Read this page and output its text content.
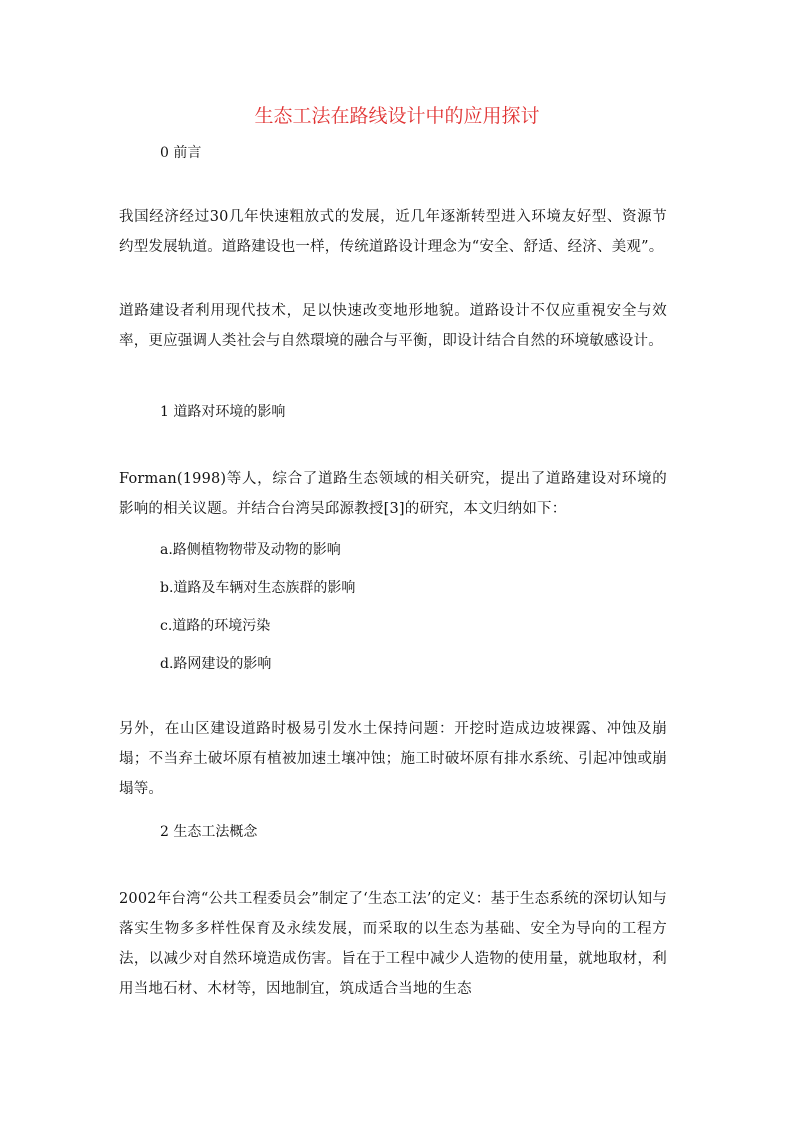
生态工法在路线设计中的应用探讨
0 前言
我国经济经过30几年快速粗放式的发展，近几年逐渐转型进入环境友好型、资源节约型发展轨道。道路建设也一样，传统道路设计理念为“安全、舒适、经济、美观”。
道路建设者利用现代技术，足以快速改变地形地貌。道路设计不仅应重視安全与效率，更应强调人类社会与自然環境的融合与平衡，即设计结合自然的环境敏感设计。
1 道路对环境的影响
Forman(1998)等人，综合了道路生态领域的相关研究，提出了道路建设对环境的影响的相关议题。并结合台湾吴邱源教授[3]的研究，本文归纳如下：
a.路侧植物物带及动物的影响
b.道路及车辆对生态族群的影响
c.道路的环境污染
d.路网建设的影响
另外，在山区建设道路时极易引发水土保持问题：开挖时造成边坡裸露、冲蚀及崩塌；不当弃土破坏原有植被加速土壤冲蚀；施工时破坏原有排水系统、引起冲蚀或崩塌等。
2 生态工法概念
2002年台湾“公共工程委员会”制定了‘生态工法’的定义：基于生态系统的深切认知与落实生物多多样性保育及永续发展，而采取的以生态为基础、安全为导向的工程方法，以减少对自然环境造成伤害。旨在于工程中减少人造物的使用量，就地取材，利用当地石材、木材等，因地制宜，筑成适合当地的生态
